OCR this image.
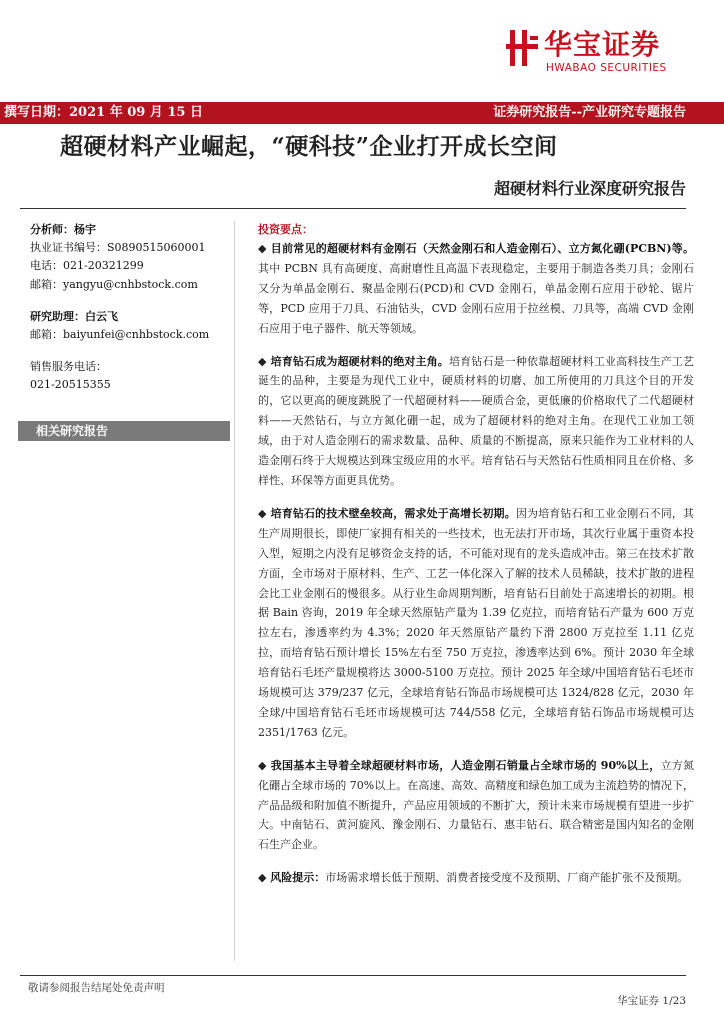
华宝证券
HWABAO SECURITIES
撰写日期：2021 年 09 月 15 日	证券研究报告--产业研究专题报告
超硬材料产业崛起，“硬科技”企业打开成长空间
超硬材料行业深度研究报告
分析师：杨宇
执业证书编号：S0890515060001
电话：021-20321299
邮箱：yangyu@cnhbstock.com
研究助理：白云飞
邮箱：baiyunfei@cnhbstock.com
销售服务电话：
021-20515355
相关研究报告
投资要点：

◆ 目前常见的超硬材料有金刚石（天然金刚石和人造金刚石）、立方氮化硼(PCBN)等。其中 PCBN 具有高硬度、高耐磨性且高温下表现稳定，主要用于制造各类刀具；金刚石又分为单晶金刚石、聚晶金刚石(PCD)和 CVD 金刚石，单晶金刚石应用于砂轮、锯片等，PCD 应用于刀具、石油钻头，CVD 金刚石应用于拉丝模、刀具等，高端 CVD 金刚石应用于电子器件、航天等领域。

◆ 培育钻石成为超硬材料的绝对主角。培育钻石是一种依靠超硬材料工业高科技生产工艺诞生的品种，主要是为现代工业中，硬质材料的切磨、加工所使用的刀具这个目的开发的，它以更高的硬度跳脱了一代超硬材料——硬质合金，更低廉的价格取代了二代超硬材料——天然钻石，与立方氮化硼一起，成为了超硬材料的绝对主角。在现代工业加工领域，由于对人造金刚石的需求数量、品种、质量的不断提高，原来只能作为工业材料的人造金刚石终于大规模达到珠宝级应用的水平。培育钻石与天然钻石性质相同且在价格、多样性、环保等方面更具优势。

◆ 培育钻石的技术壁垒较高，需求处于高增长初期。因为培育钻石和工业金刚石不同，其生产周期很长，即使厂家拥有相关的一些技术，也无法打开市场，其次行业属于重资本投入型，短期之内没有足够资金支持的话，不可能对现有的龙头造成冲击。第三在技术扩散方面，全市场对于原材料、生产、工艺一体化深入了解的技术人员稀缺，技术扩散的进程会比工业金刚石的慢很多。从行业生命周期判断，培育钻石目前处于高速增长的初期。根据 Bain 咨询，2019 年全球天然原钻产量为 1.39 亿克拉，而培育钻石产量为 600 万克拉左右，渗透率约为 4.3%；2020 年天然原钻产量约下滑 2800 万克拉至 1.11 亿克拉，而培育钻石预计增长 15%左右至 750 万克拉，渗透率达到 6%。预计 2030 年全球培育钻石毛坯产量规模将达 3000-5100 万克拉。预计 2025 年全球/中国培育钻石毛坯市场规模可达 379/237 亿元，全球培育钻石饰品市场规模可达 1324/828 亿元，2030 年全球/中国培育钻石毛坯市场规模可达 744/558 亿元，全球培育钻石饰品市场规模可达 2351/1763 亿元。

◆ 我国基本主导着全球超硬材料市场，人造金刚石销量占全球市场的 90%以上，立方氮化硼占全球市场的 70%以上。在高速、高效、高精度和绿色加工成为主流趋势的情况下，产品品级和附加值不断提升，产品应用领域的不断扩大，预计未来市场规模有望进一步扩大。中南钻石、黄河旋风、豫金刚石、力量钻石、惠丰钻石、联合精密是国内知名的金刚石生产企业。

◆ 风险提示：市场需求增长低于预期、消费者接受度不及预期、厂商产能扩张不及预期。

敬请参阅报告结尾处免责声明
华宝证券 1/23
